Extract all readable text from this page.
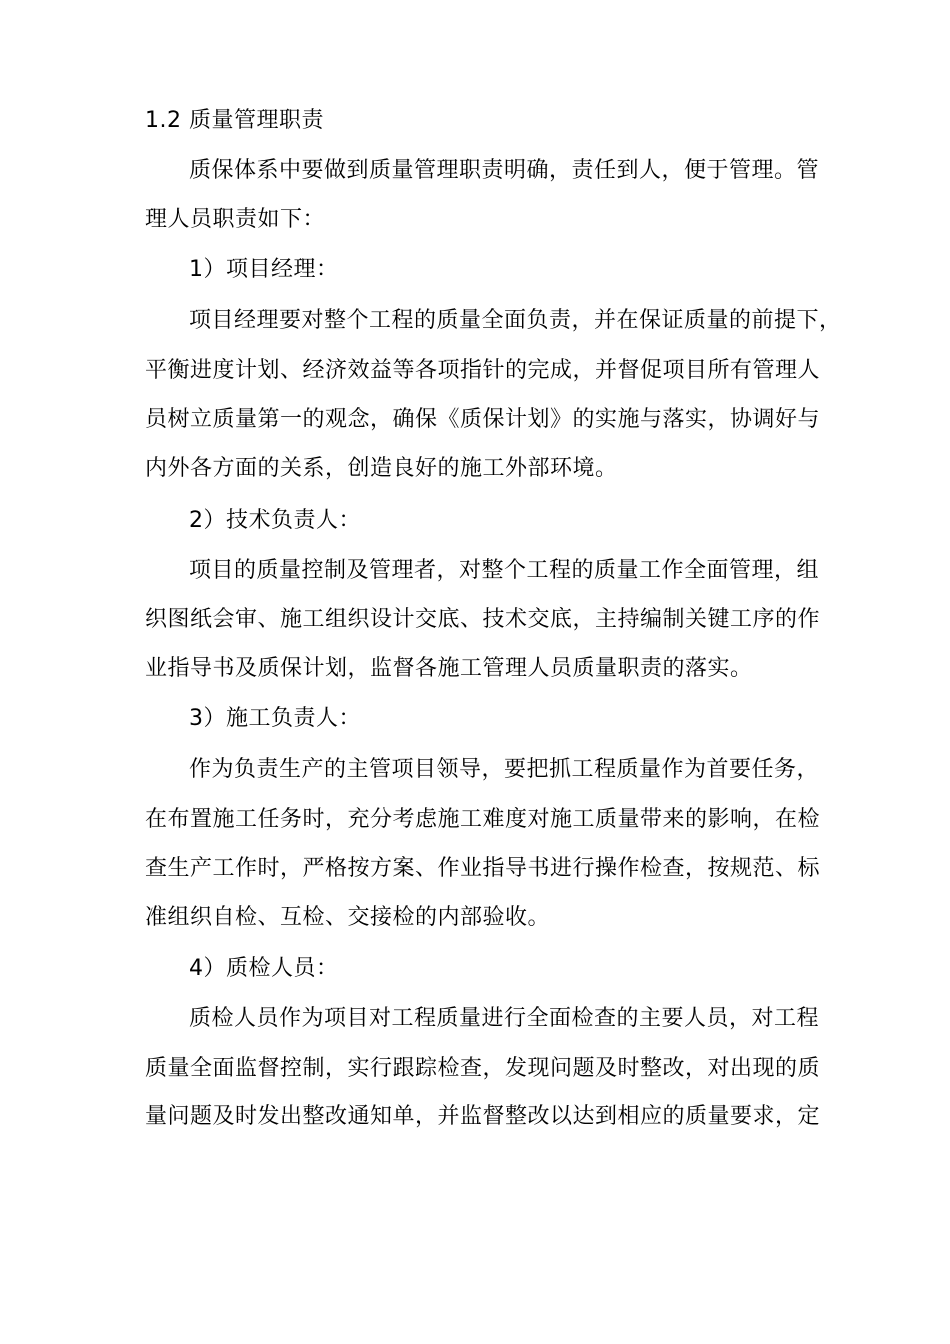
1.2 质量管理职责
质保体系中要做到质量管理职责明确，责任到人，便于管理。管
理人员职责如下：
1）项目经理：
项目经理要对整个工程的质量全面负责，并在保证质量的前提下，
平衡进度计划、经济效益等各项指针的完成，并督促项目所有管理人
员树立质量第一的观念，确保《质保计划》的实施与落实，协调好与
内外各方面的关系，创造良好的施工外部环境。
2）技术负责人：
项目的质量控制及管理者，对整个工程的质量工作全面管理，组
织图纸会审、施工组织设计交底、技术交底，主持编制关键工序的作
业指导书及质保计划，监督各施工管理人员质量职责的落实。
3）施工负责人：
作为负责生产的主管项目领导，要把抓工程质量作为首要任务，
在布置施工任务时，充分考虑施工难度对施工质量带来的影响，在检
查生产工作时，严格按方案、作业指导书进行操作检查，按规范、标
准组织自检、互检、交接检的内部验收。
4）质检人员：
质检人员作为项目对工程质量进行全面检查的主要人员，对工程
质量全面监督控制，实行跟踪检查，发现问题及时整改，对出现的质
量问题及时发出整改通知单，并监督整改以达到相应的质量要求，定
